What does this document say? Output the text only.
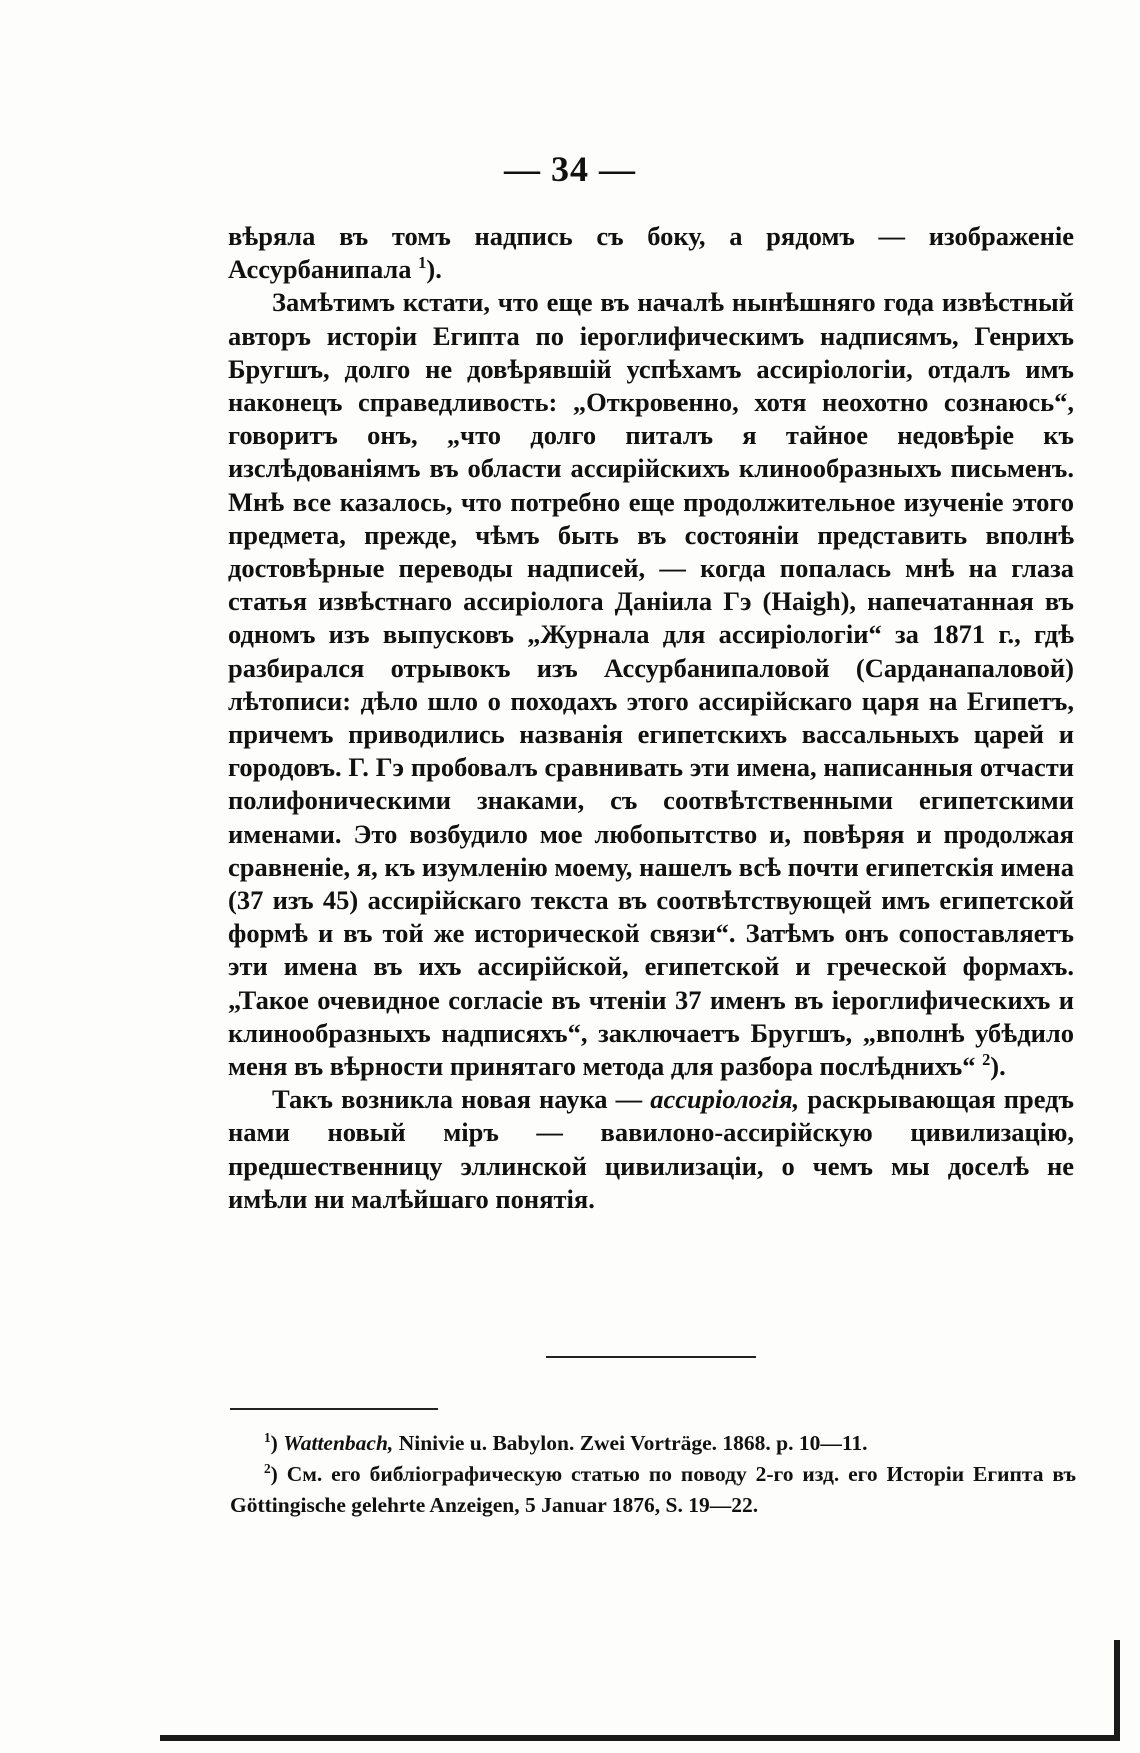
— 34 —

вѣряла въ томъ надпись съ боку, а рядомъ — изображеніе Ассурбанипала $^1$).

Замѣтимъ кстати, что еще въ началѣ нынѣшняго года извѣстный авторъ исторіи Египта по іероглифическимъ надписямъ, Генрихъ Бругшъ, долго не довѣрявшій успѣхамъ ассиріологіи, отдалъ имъ наконецъ справедливость: „Откровенно, хотя неохотно сознаюсь“, говоритъ онъ, „что долго питалъ я тайное недовѣріе къ изслѣдованіямъ въ области ассирійскихъ клинообразныхъ письменъ. Мнѣ все казалось, что потребно еще продолжительное изученіе этого предмета, прежде, чѣмъ быть въ состояніи представить вполнѣ достовѣрные переводы надписей, — когда попалась мнѣ на глаза статья извѣстнаго ассиріолога Даніила Гэ (Haigh), напечатанная въ одномъ изъ выпусковъ „Журнала для ассиріологіи“ за 1871 г., гдѣ разбирался отрывокъ изъ Ассурбанипаловой (Сарданапаловой) лѣтописи: дѣло шло о походахъ этого ассирійскаго царя на Египетъ, причемъ приводились названія египетскихъ вассальныхъ царей и городовъ. Г. Гэ пробовалъ сравнивать эти имена, написанныя отчасти полифоническими знаками, съ соотвѣтственными египетскими именами. Это возбудило мое любопытство и, повѣряя и продолжая сравненіе, я, къ изумленію моему, нашелъ всѣ почти египетскія имена (37 изъ 45) ассирійскаго текста въ соотвѣтствующей имъ египетской формѣ и въ той же исторической связи“. Затѣмъ онъ сопоставляетъ эти имена въ ихъ ассирійской, египетской и греческой формахъ. „Такое очевидное согласіе въ чтеніи 37 именъ въ іероглифическихъ и клинообразныхъ надписяхъ“, заключаетъ Бругшъ, „вполнѣ убѣдило меня въ вѣрности принятаго метода для разбора послѣднихъ“ $^2$).

Такъ возникла новая наука — ассиріологія, раскрывающая предъ нами новый міръ — вавилоно-ассирійскую цивилизацію, предшественницу эллинской цивилизаціи, о чемъ мы доселѣ не имѣли ни малѣйшаго понятія.

$^1$) Wattenbach, Ninivie u. Babylon. Zwei Vorträge. 1868. p. 10—11.

$^2$) См. его библіографическую статью по поводу 2-го изд. его Исторіи Египта въ Göttingische gelehrte Anzeigen, 5 Januar 1876, S. 19—22.
